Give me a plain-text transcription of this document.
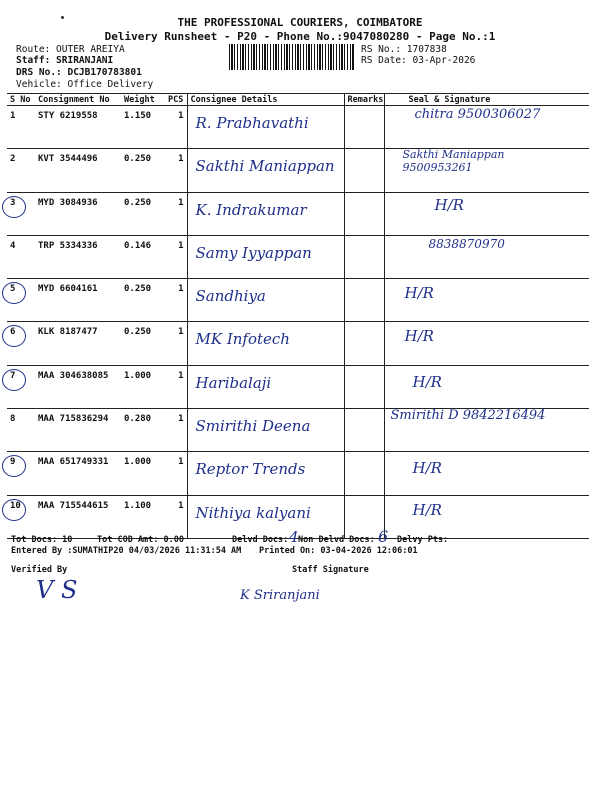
THE PROFESSIONAL COURIERS, COIMBATORE
Delivery Runsheet - P20 - Phone No.:9047080280 - Page No.:1
Route: OUTER AREIYA
Staff: SRIRANJANI
DRS No.: DCJB170783801
Vehicle: Office Delivery
RS No.: 1707838
RS Date: 03-Apr-2026
S No	Consignment No	Weight	PCS	Consignee Details	Remarks	Seal & Signature
1	STY 6219558	1.150	1	R. Prabhavathi		chitra 9500306027

2	KVT 3544496	0.250	1	Sakthi Maniappan		Sakthi Maniappan 9500953261

3	MYD 3084936	0.250	1	K. Indrakumar		H/R

4	TRP 5334336	0.146	1	Samy Iyyappan		8838870970

5	MYD 6604161	0.250	1	Sandhiya		H/R

6	KLK 8187477	0.250	1	MK Infotech		H/R

7	MAA 304638085	1.000	1	Haribalaji		H/R

8	MAA 715836294	0.280	1	Smirithi Deena		Smirithi D 9842216494

9	MAA 651749331	1.000	1	Reptor Trends		H/R

10	MAA 715544615	1.100	1	Nithiya kalyani		H/R
Tot Docs: 10	Tot COD Amt: 0.00	Delvd Docs: 4 Non Delvd Docs: 6 Delvy Pts:
Entered By :SUMATHIP20 04/03/2026 11:31:54 AM Printed On: 03-04-2026 12:06:01
Verified By	Staff Signature
V S	K Sriranjani
